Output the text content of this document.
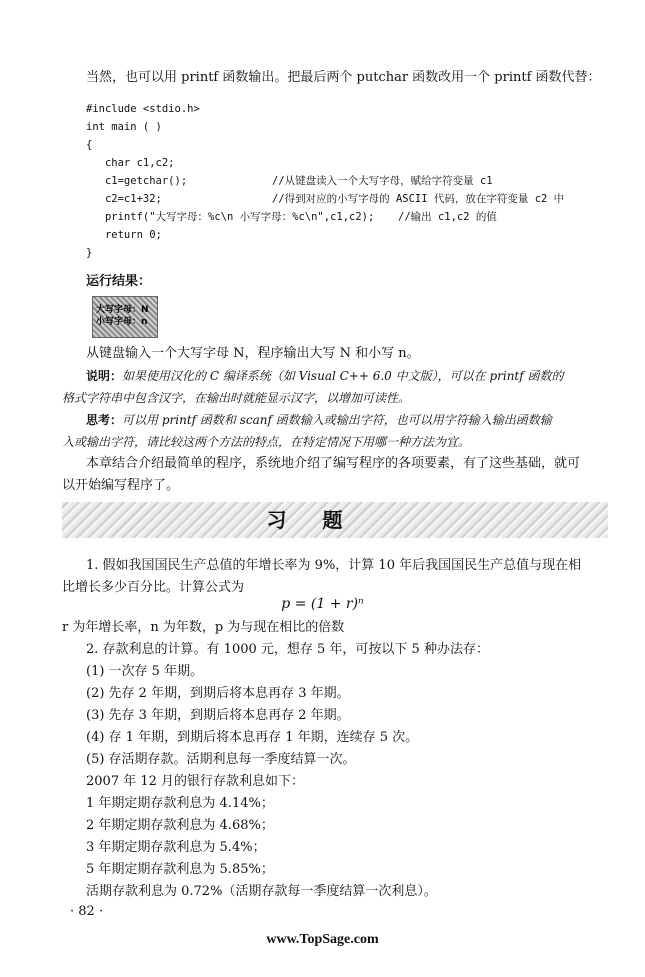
当然，也可以用 printf 函数输出。把最后两个 putchar 函数改用一个 printf 函数代替：
#include <stdio.h>
int main ( )
{
char c1,c2;
c1=getchar();	//从键盘读入一个大写字母，赋给字符变量 c1
c2=c1+32;	//得到对应的小写字母的 ASCII 代码，放在字符变量 c2 中
printf("大写字母：%c\n 小写字母：%c\n",c1,c2); //输出 c1,c2 的值
return 0;
}
运行结果：
大写字母：N
小写字母：n
从键盘输入一个大写字母 N，程序输出大写 N 和小写 n。
说明：如果使用汉化的 C 编译系统（如 Visual C++ 6.0 中文版），可以在 printf 函数的
格式字符串中包含汉字，在输出时就能显示汉字，以增加可读性。
思考：可以用 printf 函数和 scanf 函数输入或输出字符，也可以用字符输入输出函数输
入或输出字符，请比较这两个方法的特点，在特定情况下用哪一种方法为宜。
本章结合介绍最简单的程序，系统地介绍了编写程序的各项要素，有了这些基础，就可
以开始编写程序了。
习题
1. 假如我国国民生产总值的年增长率为 9%，计算 10 年后我国国民生产总值与现在相
比增长多少百分比。计算公式为
p = (1 + r)ⁿ
r 为年增长率，n 为年数，p 为与现在相比的倍数
2. 存款利息的计算。有 1000 元，想存 5 年，可按以下 5 种办法存：
(1) 一次存 5 年期。
(2) 先存 2 年期，到期后将本息再存 3 年期。
(3) 先存 3 年期，到期后将本息再存 2 年期。
(4) 存 1 年期，到期后将本息再存 1 年期，连续存 5 次。
(5) 存活期存款。活期利息每一季度结算一次。
2007 年 12 月的银行存款利息如下：
1 年期定期存款利息为 4.14%；
2 年期定期存款利息为 4.68%；
3 年期定期存款利息为 5.4%；
5 年期定期存款利息为 5.85%；
活期存款利息为 0.72%（活期存款每一季度结算一次利息）。
· 82 ·
www.TopSage.com
